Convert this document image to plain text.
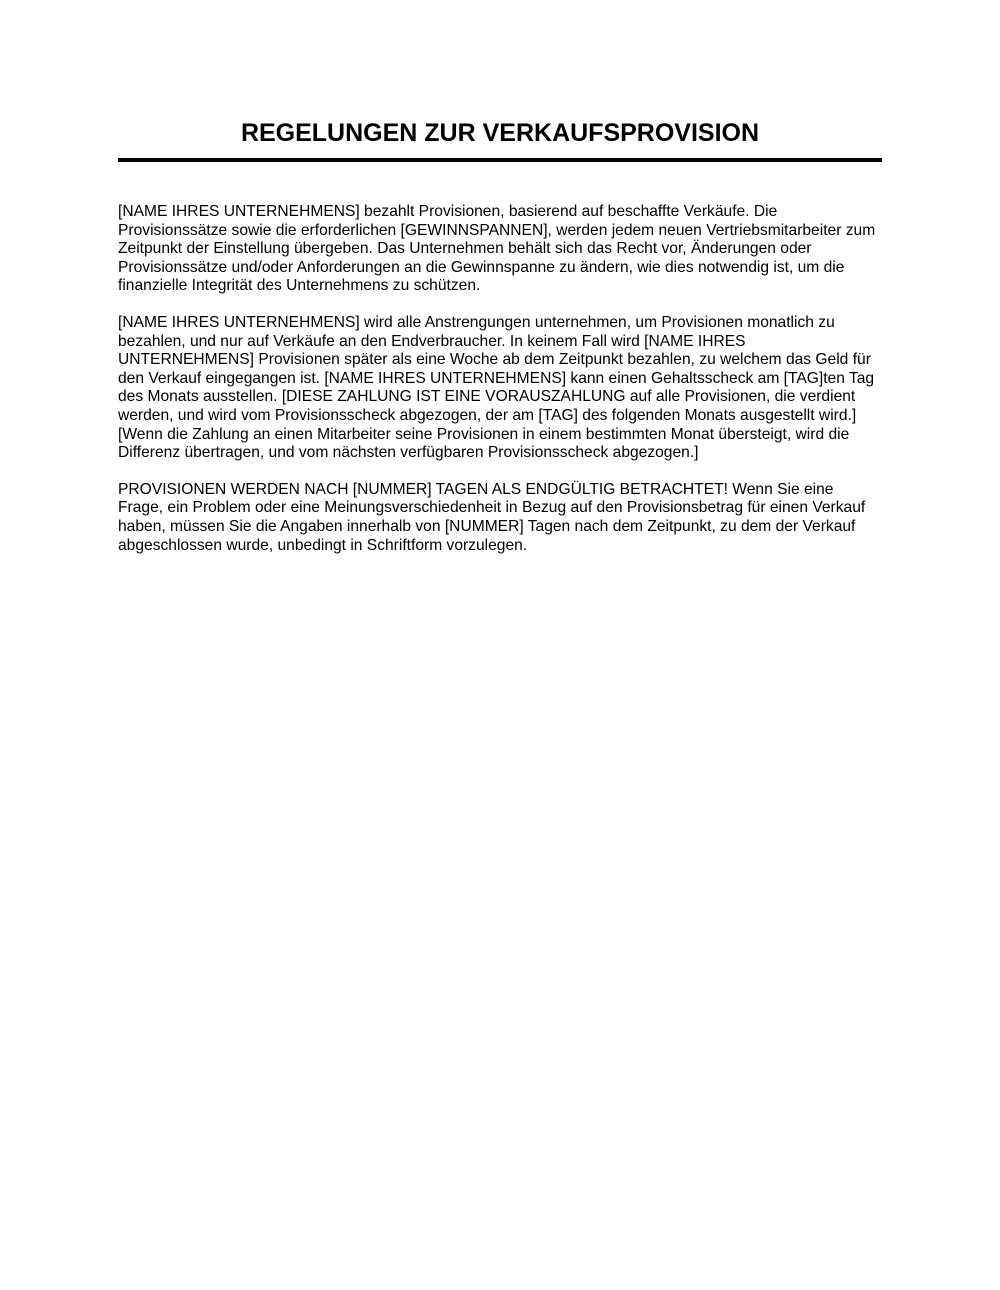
REGELUNGEN ZUR VERKAUFSPROVISION

[NAME IHRES UNTERNEHMENS] bezahlt Provisionen, basierend auf beschaffte Verkäufe. Die Provisionssätze sowie die erforderlichen [GEWINNSPANNEN], werden jedem neuen Vertriebsmitarbeiter zum Zeitpunkt der Einstellung übergeben. Das Unternehmen behält sich das Recht vor, Änderungen oder Provisionssätze und/oder Anforderungen an die Gewinnspanne zu ändern, wie dies notwendig ist, um die finanzielle Integrität des Unternehmens zu schützen.

[NAME IHRES UNTERNEHMENS] wird alle Anstrengungen unternehmen, um Provisionen monatlich zu bezahlen, und nur auf Verkäufe an den Endverbraucher. In keinem Fall wird [NAME IHRES UNTERNEHMENS] Provisionen später als eine Woche ab dem Zeitpunkt bezahlen, zu welchem das Geld für den Verkauf eingegangen ist. [NAME IHRES UNTERNEHMENS] kann einen Gehaltsscheck am [TAG]ten Tag des Monats ausstellen. [DIESE ZAHLUNG IST EINE VORAUSZAHLUNG auf alle Provisionen, die verdient werden, und wird vom Provisionsscheck abgezogen, der am [TAG] des folgenden Monats ausgestellt wird.] [Wenn die Zahlung an einen Mitarbeiter seine Provisionen in einem bestimmten Monat übersteigt, wird die Differenz übertragen, und vom nächsten verfügbaren Provisionsscheck abgezogen.]

PROVISIONEN WERDEN NACH [NUMMER] TAGEN ALS ENDGÜLTIG BETRACHTET! Wenn Sie eine Frage, ein Problem oder eine Meinungsverschiedenheit in Bezug auf den Provisionsbetrag für einen Verkauf haben, müssen Sie die Angaben innerhalb von [NUMMER] Tagen nach dem Zeitpunkt, zu dem der Verkauf abgeschlossen wurde, unbedingt in Schriftform vorzulegen.
